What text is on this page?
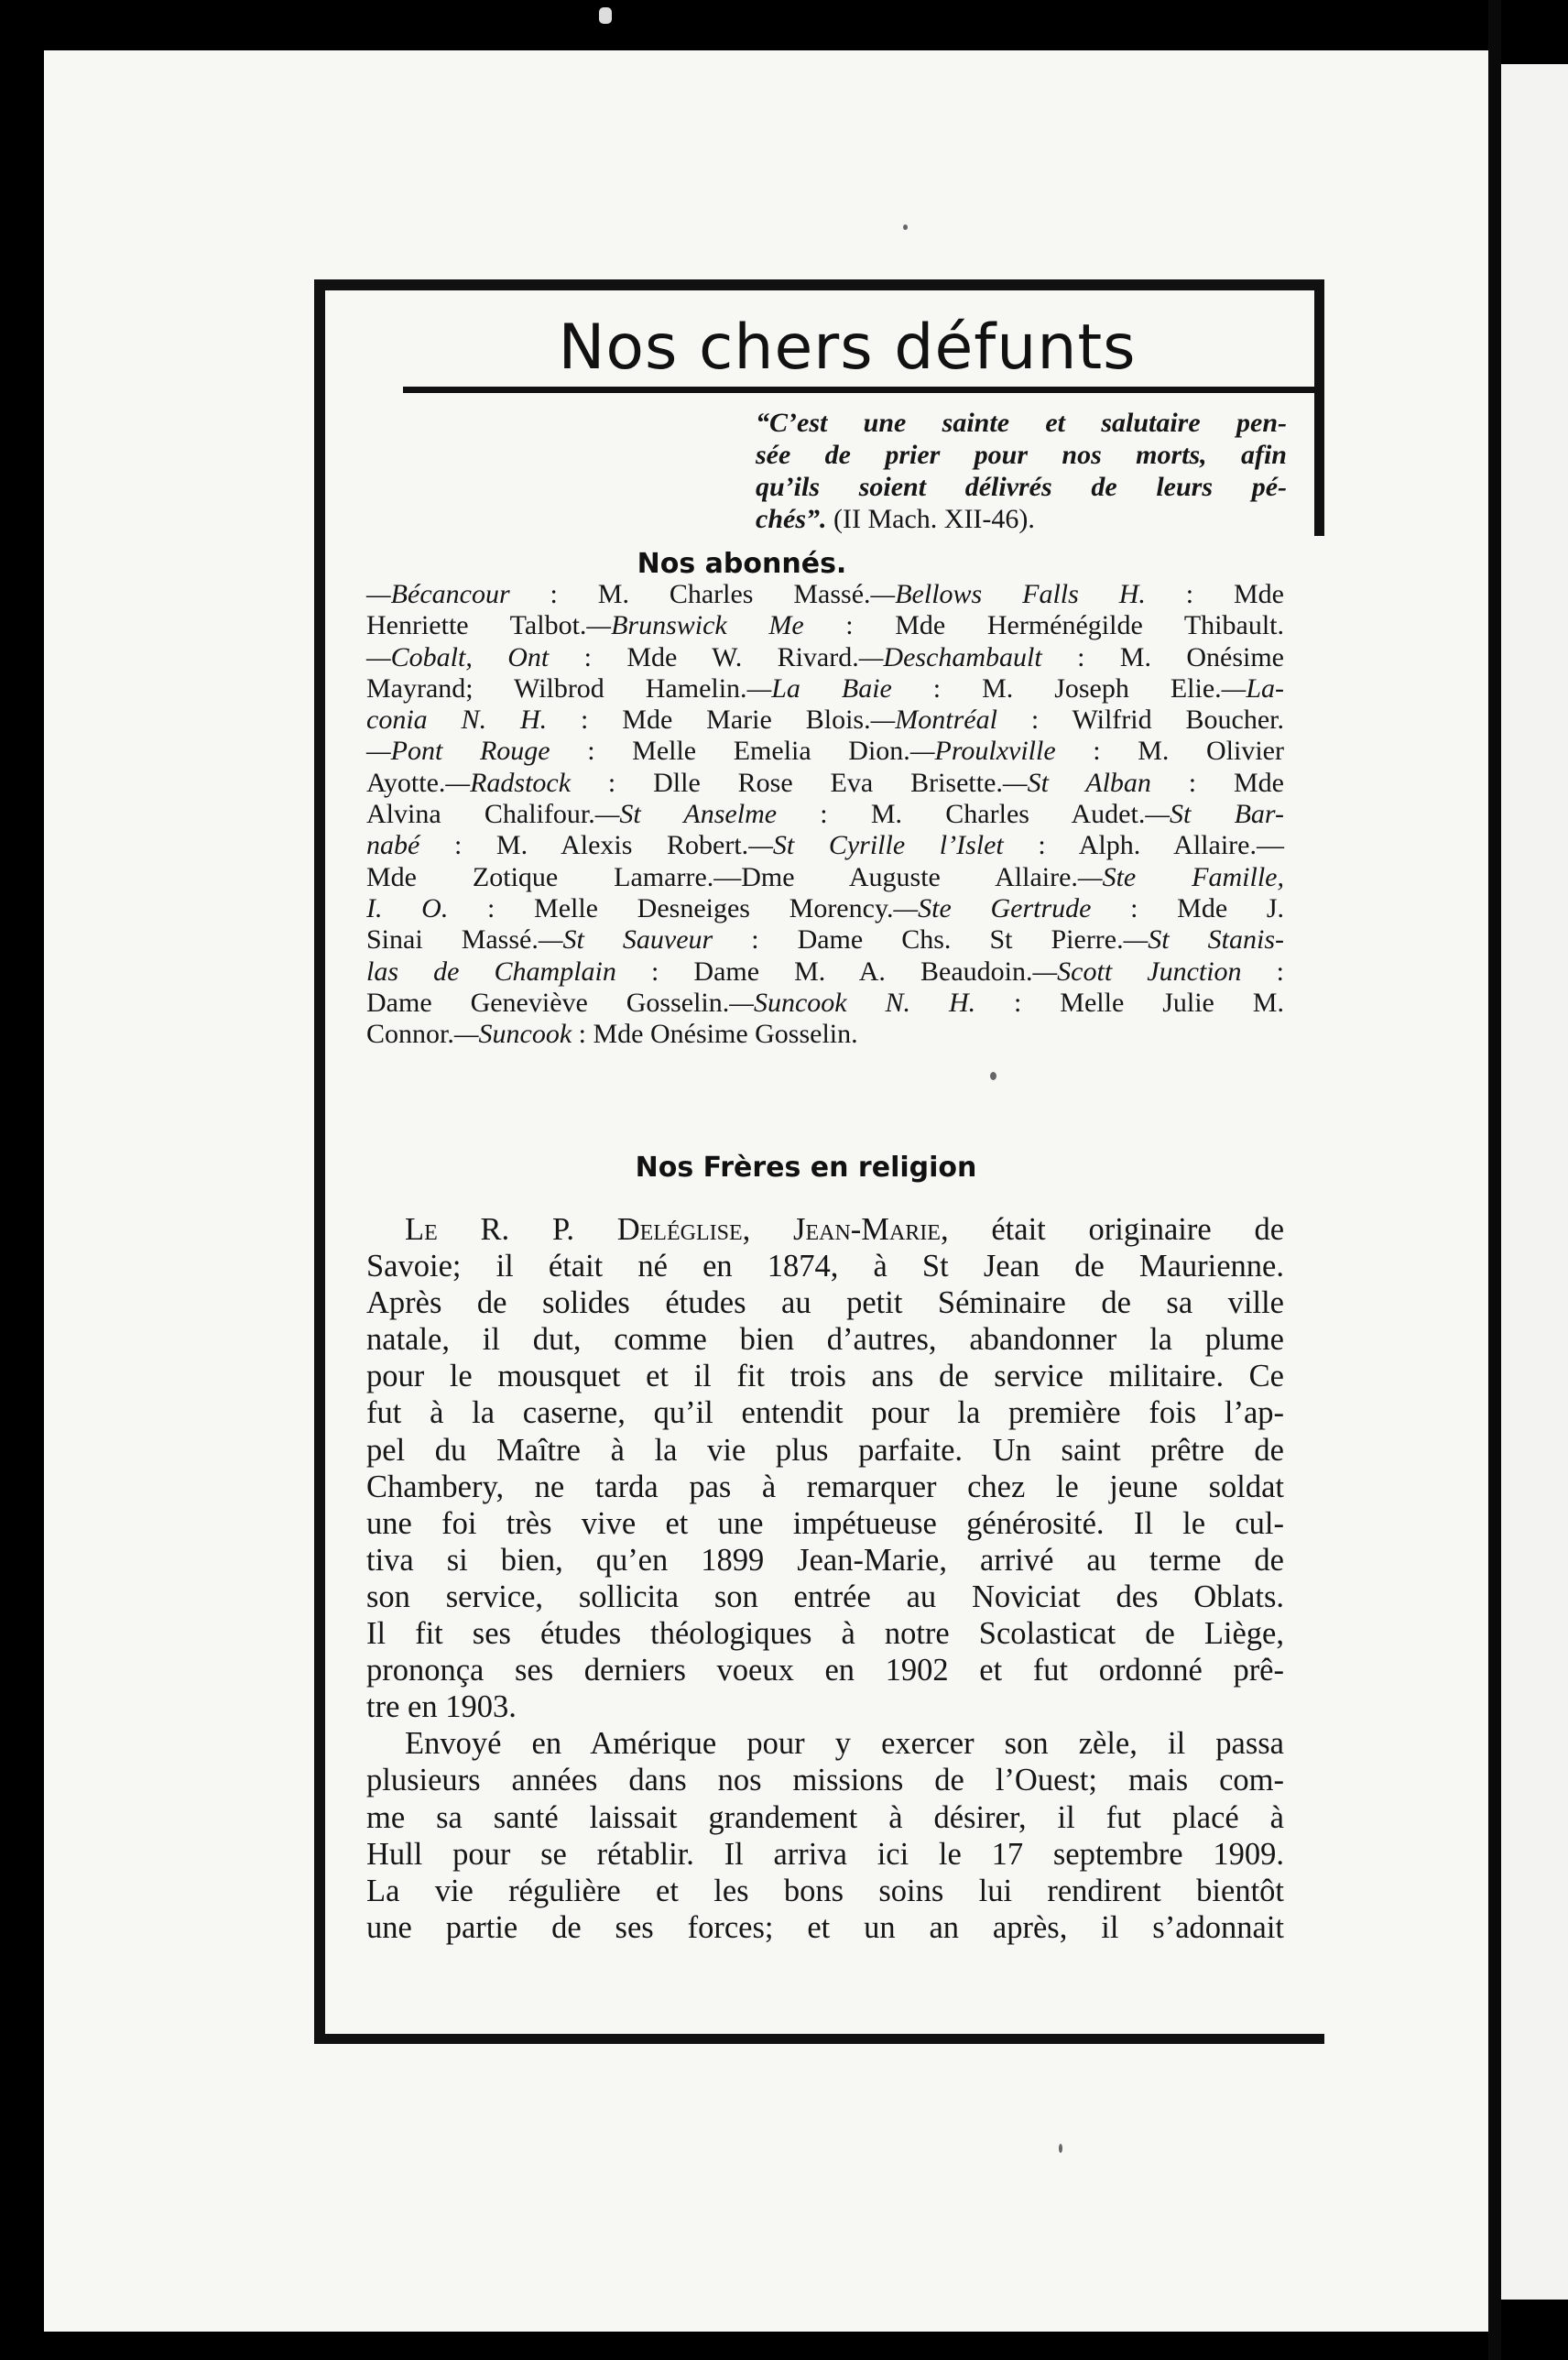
Nos chers défunts
“C’est une sainte et salutaire pen-
sée de prier pour nos morts, afin
qu’ils soient délivrés de leurs pé-
chés”. (II Mach. XII-46).
Nos abonnés.
—Bécancour : M. Charles Massé.—Bellows Falls H. : Mde
Henriette Talbot.—Brunswick Me : Mde Herménégilde Thibault.
—Cobalt, Ont : Mde W. Rivard.—Deschambault : M. Onésime
Mayrand; Wilbrod Hamelin.—La Baie : M. Joseph Elie.—La-
conia N. H. : Mde Marie Blois.—Montréal : Wilfrid Boucher.
—Pont Rouge : Melle Emelia Dion.—Proulxville : M. Olivier
Ayotte.—Radstock : Dlle Rose Eva Brisette.—St Alban : Mde
Alvina Chalifour.—St Anselme : M. Charles Audet.—St Bar-
nabé : M. Alexis Robert.—St Cyrille l’Islet : Alph. Allaire.—
Mde Zotique Lamarre.—Dme Auguste Allaire.—Ste Famille,
I. O. : Melle Desneiges Morency.—Ste Gertrude : Mde J.
Sinai Massé.—St Sauveur : Dame Chs. St Pierre.—St Stanis-
las de Champlain : Dame M. A. Beaudoin.—Scott Junction :
Dame Geneviève Gosselin.—Suncook N. H. : Melle Julie M.
Connor.—Suncook : Mde Onésime Gosselin.
Nos Frères en religion
Le R. P. Deléglise, Jean-Marie, était originaire de
Savoie; il était né en 1874, à St Jean de Maurienne.
Après de solides études au petit Séminaire de sa ville
natale, il dut, comme bien d’autres, abandonner la plume
pour le mousquet et il fit trois ans de service militaire. Ce
fut à la caserne, qu’il entendit pour la première fois l’ap-
pel du Maître à la vie plus parfaite. Un saint prêtre de
Chambery, ne tarda pas à remarquer chez le jeune soldat
une foi très vive et une impétueuse générosité. Il le cul-
tiva si bien, qu’en 1899 Jean-Marie, arrivé au terme de
son service, sollicita son entrée au Noviciat des Oblats.
Il fit ses études théologiques à notre Scolasticat de Liège,
prononça ses derniers voeux en 1902 et fut ordonné prê-
tre en 1903.
Envoyé en Amérique pour y exercer son zèle, il passa
plusieurs années dans nos missions de l’Ouest; mais com-
me sa santé laissait grandement à désirer, il fut placé à
Hull pour se rétablir. Il arriva ici le 17 septembre 1909.
La vie régulière et les bons soins lui rendirent bientôt
une partie de ses forces; et un an après, il s’adonnait
